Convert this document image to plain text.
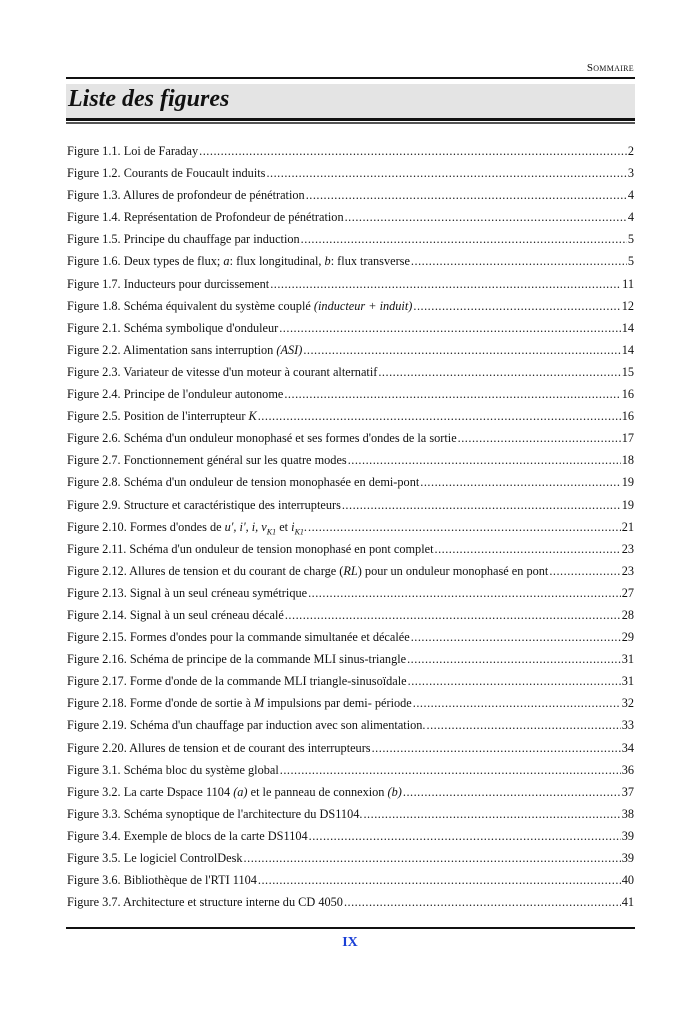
Sommaire
Liste des figures
Figure 1.1. Loi de Faraday .....	2
Figure 1.2. Courants de Foucault induits .....	3
Figure 1.3. Allures de profondeur de pénétration .....	4
Figure 1.4. Représentation de Profondeur de pénétration .....	4
Figure 1.5. Principe du chauffage par induction .....	5
Figure 1.6. Deux types de flux; a: flux longitudinal, b: flux transverse .....	5
Figure 1.7. Inducteurs pour durcissement .....	11
Figure 1.8. Schéma équivalent du système couplé (inducteur + induit) .....	12
Figure 2.1. Schéma symbolique d'onduleur .....	14
Figure 2.2. Alimentation sans interruption (ASI) .....	14
Figure 2.3. Variateur de vitesse d'un moteur à courant alternatif .....	15
Figure 2.4. Principe de l'onduleur autonome .....	16
Figure 2.5. Position de l'interrupteur K .....	16
Figure 2.6. Schéma d'un onduleur monophasé et ses formes d'ondes de la sortie .....	17
Figure 2.7. Fonctionnement général sur les quatre modes .....	18
Figure 2.8. Schéma d'un onduleur de tension monophasée en demi-pont .....	19
Figure 2.9. Structure et caractéristique des interrupteurs .....	19
Figure 2.10. Formes d'ondes de u', i', i, $v_{K1}$ et $i_{K1}$. .....	21
Figure 2.11. Schéma d'un onduleur de tension monophasé en pont complet .....	23
Figure 2.12. Allures de tension et du courant de charge (RL) pour un onduleur monophasé en pont .....	23
Figure 2.13. Signal à un seul créneau symétrique .....	27
Figure 2.14. Signal à un seul créneau décalé .....	28
Figure 2.15. Formes d'ondes pour la commande simultanée et décalée .....	29
Figure 2.16. Schéma de principe de la commande MLI sinus-triangle .....	31
Figure 2.17. Forme d'onde de la commande MLI triangle-sinusoïdale .....	31
Figure 2.18. Forme d'onde de sortie à M impulsions par demi- période .....	32
Figure 2.19. Schéma d'un chauffage par induction avec son alimentation. .....	33
Figure 2.20. Allures de tension et de courant des interrupteurs .....	34
Figure 3.1. Schéma bloc du système global .....	36
Figure 3.2. La carte Dspace 1104 (a) et le panneau de connexion (b) .....	37
Figure 3.3. Schéma synoptique de l'architecture du DS1104. .....	38
Figure 3.4. Exemple de blocs de la carte DS1104 .....	39
Figure 3.5. Le logiciel ControlDesk .....	39
Figure 3.6. Bibliothèque de l'RTI 1104 .....	40
Figure 3.7. Architecture et structure interne du CD 4050 .....	41
IX
